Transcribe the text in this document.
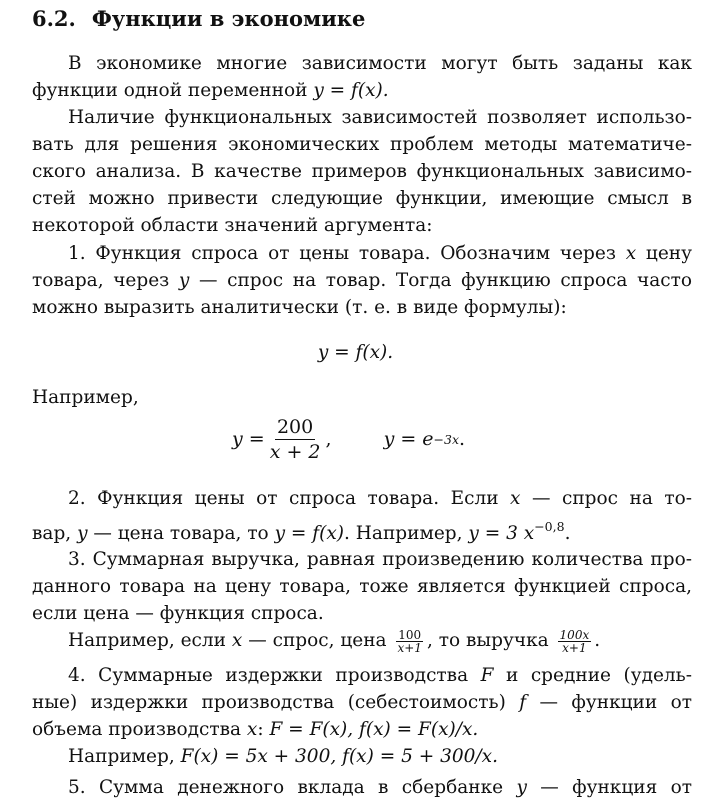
6.2. Функции в экономике
В экономике многие зависимости могут быть заданы как
функции одной переменной y = f(x).
Наличие функциональных зависимостей позволяет использо-
вать для решения экономических проблем методы математиче-
ского анализа. В качестве примеров функциональных зависимо-
стей можно привести следующие функции, имеющие смысл в
некоторой области значений аргумента:
1. Функция спроса от цены товара. Обозначим через x цену
товара, через y — спрос на товар. Тогда функцию спроса часто
можно выразить аналитически (т. е. в виде формулы):
y = f(x).
Например,
$y = \frac{200}{x + 2}$ ,	y = e −3x .
2. Функция цены от спроса товара. Если x — спрос на то-
вар, y — цена товара, то y = f(x). Например, y = 3 $x^{-0,8}$.
3. Суммарная выручка, равная произведению количества про-
данного товара на цену товара, тоже является функцией спроса,
если цена — функция спроса.
Например, если x — спрос, цена $\frac{100}{x+1}$ , то выручка $\frac{100x}{x+1}$ .
4. Суммарные издержки производства F и средние (удель-
ные) издержки производства (себестоимость) f — функции от
объема производства x: F = F(x), f(x) = F(x)/x.
Например, F(x) = 5x + 300, f(x) = 5 + 300/x.
5. Сумма денежного вклада в сбербанке y — функция от
